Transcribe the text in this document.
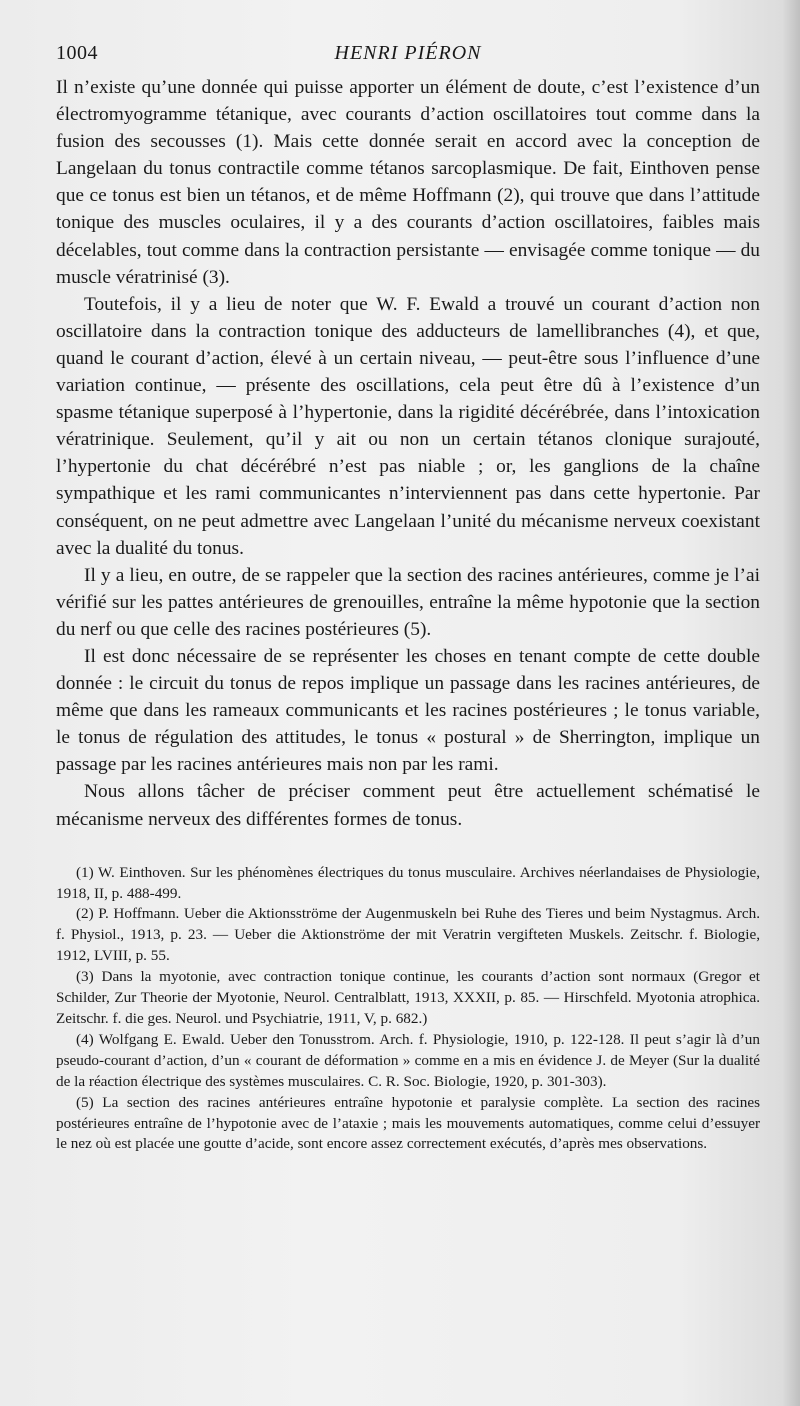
1004	HENRI PIÉRON

Il n’existe qu’une donnée qui puisse apporter un élément de doute, c’est l’existence d’un électromyogramme tétanique, avec courants d’action oscillatoires tout comme dans la fusion des secousses (1). Mais cette donnée serait en accord avec la conception de Langelaan du tonus contractile comme tétanos sarcoplasmique. De fait, Einthoven pense que ce tonus est bien un tétanos, et de même Hoffmann (2), qui trouve que dans l’attitude tonique des muscles oculaires, il y a des courants d’action oscillatoires, faibles mais décelables, tout comme dans la contraction persistante — envisagée comme tonique — du muscle vératrinisé (3).

Toutefois, il y a lieu de noter que W. F. Ewald a trouvé un courant d’action non oscillatoire dans la contraction tonique des adducteurs de lamellibranches (4), et que, quand le courant d’action, élevé à un certain niveau, — peut-être sous l’influence d’une variation continue, — présente des oscillations, cela peut être dû à l’existence d’un spasme tétanique superposé à l’hypertonie, dans la rigidité décérébrée, dans l’intoxication vératrinique. Seulement, qu’il y ait ou non un certain tétanos clonique surajouté, l’hypertonie du chat décérébré n’est pas niable ; or, les ganglions de la chaîne sympathique et les rami communicantes n’interviennent pas dans cette hypertonie. Par conséquent, on ne peut admettre avec Langelaan l’unité du mécanisme nerveux coexistant avec la dualité du tonus.

Il y a lieu, en outre, de se rappeler que la section des racines antérieures, comme je l’ai vérifié sur les pattes antérieures de grenouilles, entraîne la même hypotonie que la section du nerf ou que celle des racines postérieures (5).

Il est donc nécessaire de se représenter les choses en tenant compte de cette double donnée : le circuit du tonus de repos implique un passage dans les racines antérieures, de même que dans les rameaux communicants et les racines postérieures ; le tonus variable, le tonus de régulation des attitudes, le tonus « postural » de Sherrington, implique un passage par les racines antérieures mais non par les rami.

Nous allons tâcher de préciser comment peut être actuellement schématisé le mécanisme nerveux des différentes formes de tonus.

(1) W. Einthoven. Sur les phénomènes électriques du tonus musculaire. Archives néerlandaises de Physiologie, 1918, II, p. 488-499.

(2) P. Hoffmann. Ueber die Aktionsströme der Augenmuskeln bei Ruhe des Tieres und beim Nystagmus. Arch. f. Physiol., 1913, p. 23. — Ueber die Aktionströme der mit Veratrin vergifteten Muskels. Zeitschr. f. Biologie, 1912, LVIII, p. 55.

(3) Dans la myotonie, avec contraction tonique continue, les courants d’action sont normaux (Gregor et Schilder, Zur Theorie der Myotonie, Neurol. Centralblatt, 1913, XXXII, p. 85. — Hirschfeld. Myotonia atrophica. Zeitschr. f. die ges. Neurol. und Psychiatrie, 1911, V, p. 682.)

(4) Wolfgang E. Ewald. Ueber den Tonusstrom. Arch. f. Physiologie, 1910, p. 122-128. Il peut s’agir là d’un pseudo-courant d’action, d’un « courant de déformation » comme en a mis en évidence J. de Meyer (Sur la dualité de la réaction électrique des systèmes musculaires. C. R. Soc. Biologie, 1920, p. 301-303).

(5) La section des racines antérieures entraîne hypotonie et paralysie complète. La section des racines postérieures entraîne de l’hypotonie avec de l’ataxie ; mais les mouvements automatiques, comme celui d’essuyer le nez où est placée une goutte d’acide, sont encore assez correctement exécutés, d’après mes observations.
